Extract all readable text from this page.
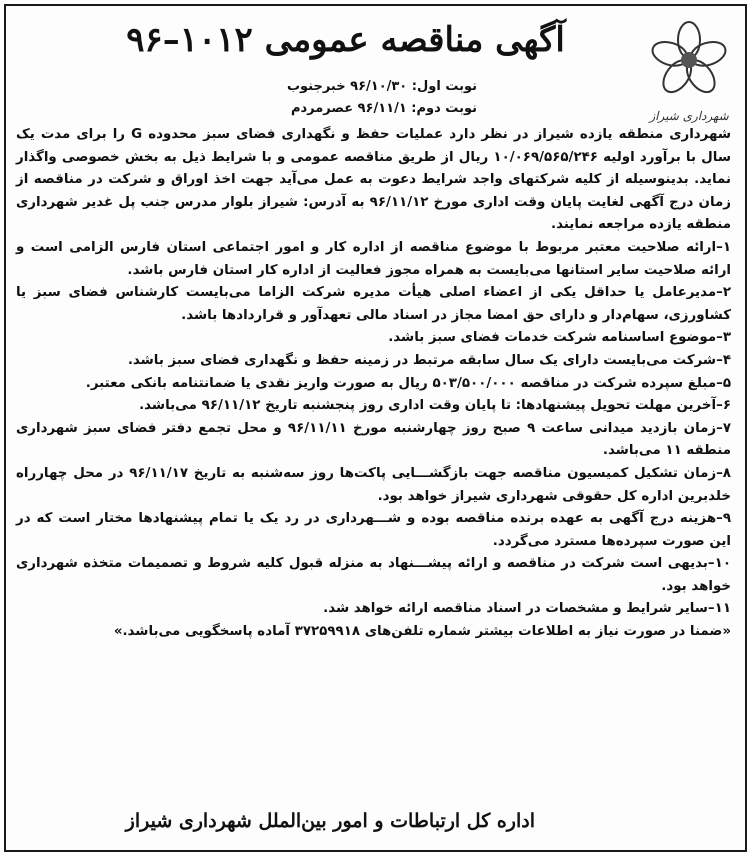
شهرداری شیراز
آگهی مناقصه عمومی ۱۰۱۲–۹۶
نوبت اول: ۹۶/۱۰/۳۰ خبرجنوب
نوبت دوم: ۹۶/۱۱/۱ عصرمردم

شهرداری منطقه یازده شیراز در نظر دارد عملیات حفظ و نگهداری فضای سبز محدوده G را برای مدت یک سال با برآورد اولیه ۱۰/۰۶۹/۵۶۵/۲۴۶ ریال از طریق مناقصه عمومی و با شرایط ذیل به بخش خصوصی واگذار نماید. بدینوسیله از کلیه شرکتهای واجد شرایط دعوت به عمل می‌آید جهت اخذ اوراق و شرکت در مناقصه از زمان درج آگهی لغایت پایان وقت اداری مورخ ۹۶/۱۱/۱۲ به آدرس: شیراز بلوار مدرس جنب پل غدیر شهرداری منطقه یازده مراجعه نمایند.

۱–ارائه صلاحیت معتبر مربوط با موضوع مناقصه از اداره کار و امور اجتماعی استان فارس الزامی است و ارائه صلاحیت سایر استانها می‌بایست به همراه مجوز فعالیت از اداره کار استان فارس باشد.

۲–مدیرعامل یا حداقل یکی از اعضاء اصلی هیأت مدیره شرکت الزاما می‌بایست کارشناس فضای سبز یا کشاورزی، سهام‌دار و دارای حق امضا مجاز در اسناد مالی تعهدآور و قراردادها باشد.

۳–موضوع اساسنامه شرکت خدمات فضای سبز باشد.

۴–شرکت می‌بایست دارای یک سال سابقه مرتبط در زمینه حفظ و نگهداری فضای سبز باشد.

۵–مبلغ سپرده شرکت در مناقصه ۵۰۳/۵۰۰/۰۰۰ ریال به صورت واریز نقدی یا ضمانتنامه بانکی معتبر.

۶–آخرین مهلت تحویل پیشنهادها: تا پایان وقت اداری روز پنجشنبه تاریخ ۹۶/۱۱/۱۲ می‌باشد.

۷–زمان بازدید میدانی ساعت ۹ صبح روز چهارشنبه مورخ ۹۶/۱۱/۱۱ و محل تجمع دفتر فضای سبز شهرداری منطقه ۱۱ می‌باشد.

۸–زمان تشکیل کمیسیون مناقصه جهت بازگشـــایی پاکت‌ها روز سه‌شنبه به تاریخ ۹۶/۱۱/۱۷ در محل چهارراه خلدبرین اداره کل حقوقی شهرداری شیراز خواهد بود.

۹–هزینه درج آگهی به عهده برنده مناقصه بوده و شـــهرداری در رد یک یا تمام پیشنهادها مختار است که در این صورت سپرده‌ها مسترد می‌گردد.

۱۰–بدیهی است شرکت در مناقصه و ارائه پیشـــنهاد به منزله قبول کلیه شروط و تصمیمات متخذه شهرداری خواهد بود.

۱۱–سایر شرایط و مشخصات در اسناد مناقصه ارائه خواهد شد.

«ضمنا در صورت نیاز به اطلاعات بیشتر شماره تلفن‌های ۳۷۲۵۹۹۱۸ آماده پاسخگویی می‌باشد.»

اداره کل ارتباطات و امور بین‌الملل شهرداری شیراز
